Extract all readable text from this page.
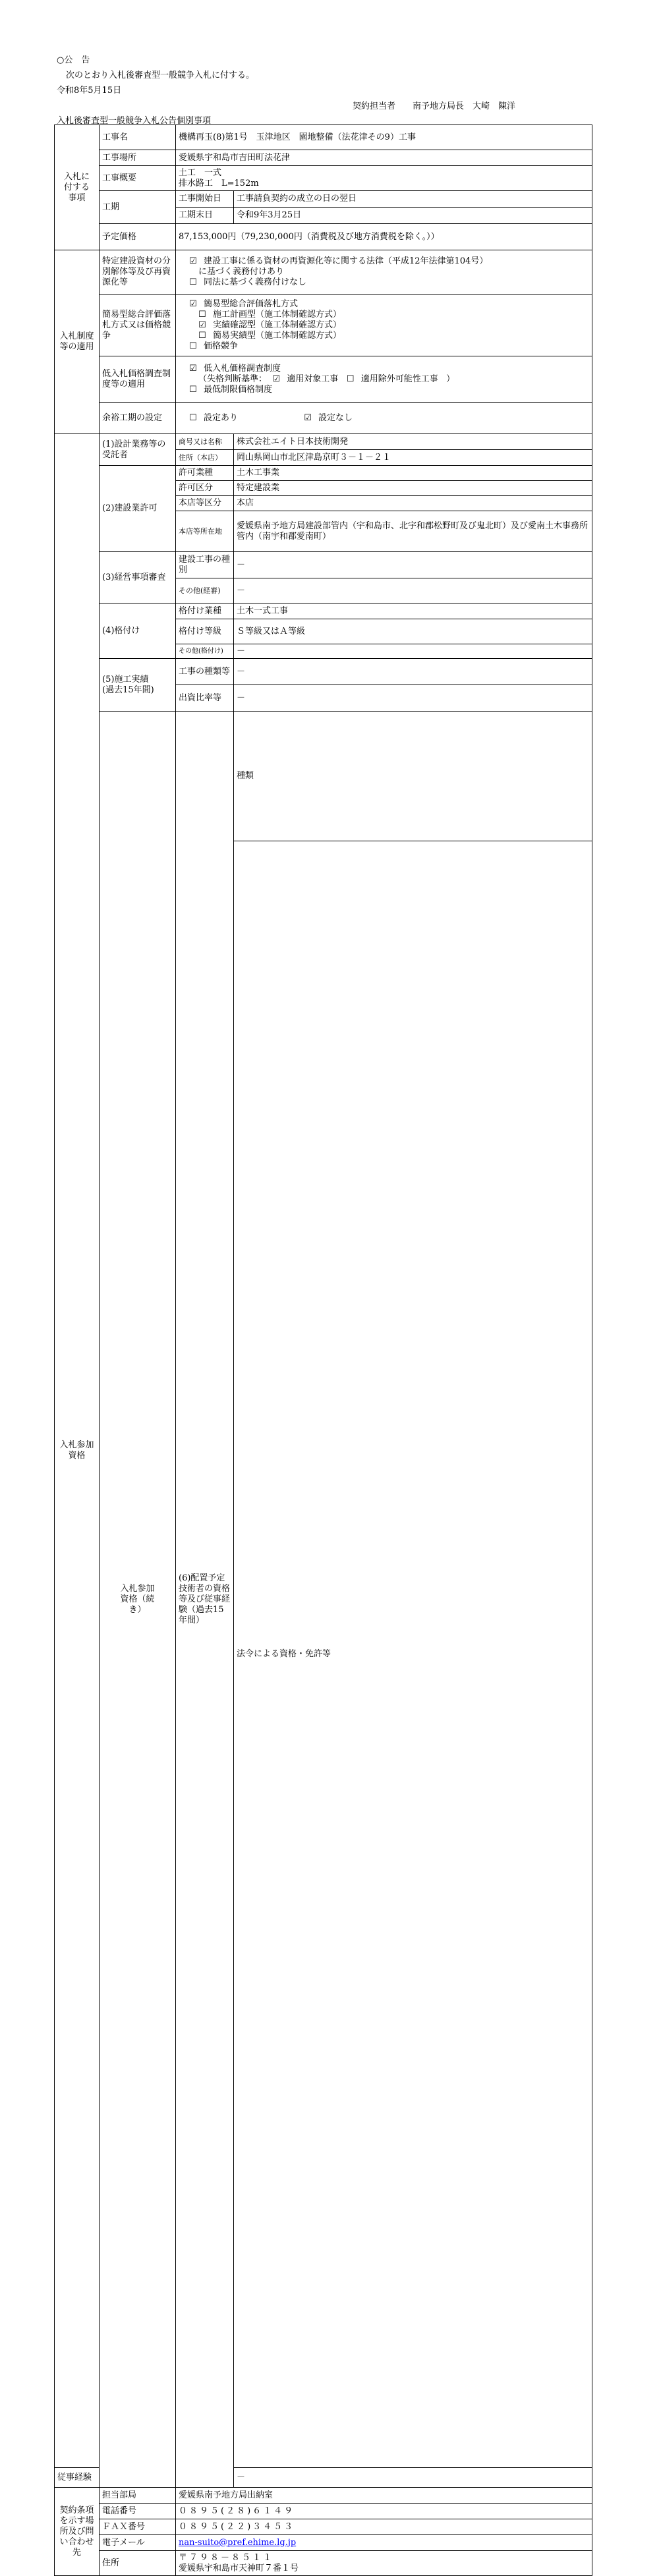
○公　告
次のとおり入札後審査型一般競争入札に付する。
令和8年5月15日
契約担当者　　南予地方局長　大崎　陳洋
入札後審査型一般競争入札公告個別事項
入札に付する事項	工事名	機構再玉(8)第1号　玉津地区　園地整備（法花津その9）工事		
	工事場所	愛媛県宇和島市吉田町法花津		
	工事概要	土工　一式
排水路工　L=152m		

	工期	工事開始日	工事請負契約の成立の日の翌日	
		工期末日	令和9年3月25日	
	予定価格	87,153,000円（79,230,000円（消費税及び地方消費税を除く。））		
入札制度等の適用	特定建設資材の分別解体等及び再資源化等	☑ 建設工事に係る資材の再資源化等に関する法律（平成12年法律第104号）
に基づく義務付けあり
☐ 同法に基づく義務付けなし		

	簡易型総合評価落札方式又は価格競争	☑ 簡易型総合評価落札方式
☐ 施工計画型（施工体制確認方式）
☑ 実績確認型（施工体制確認方式）
☐ 簡易実績型（施工体制確認方式）
☐ 価格競争		

	低入札価格調査制度等の適用	☑ 低入札価格調査制度
（失格判断基準： ☑ 適用対象工事 ☐ 適用除外可能性工事 ）
☐ 最低制限価格制度		

	余裕工期の設定	☐ 設定あり ☑ 設定なし		

入札参加資格	(1)設計業務等の受託者	商号又は名称	株式会社エイト日本技術開発	
		住所（本店）	岡山県岡山市北区津島京町３－１－２１	
	(2)建設業許可	許可業種	土木工事業	
		許可区分	特定建設業	
		本店等区分	本店	
		本店等所在地	愛媛県南予地方局建設部管内（宇和島市、北宇和郡松野町及び鬼北町）及び愛南土木事務所管内（南宇和郡愛南町）	
	(3)経営事項審査	建設工事の種別	－	
		その他(経審)	－	
	(4)格付け	格付け業種	土木一式工事	
		格付け等級	Ｓ等級又はＡ等級	
		その他(格付け)	－	

	(5)施工実績
(過去15年間)	工事の種類等	－	
		出資比率等	－	
	入札参加資格（続き）	(6)配置予定技術者の資格等及び従事経験（過去15年間）	種類	
			法令による資格・免許等	

従事経験			－	
契約条項を示す場所及び問い合わせ先	担当部局	愛媛県南予地方局出納室		
	電話番号	０８９５(２８)６１４９		
	ＦＡＸ番号	０８９５(２２)３４５３		
	電子メール	nan-suito@pref.ehime.lg.jp		
	住所	〒７９８－８５１１
愛媛県宇和島市天神町７番１号		
